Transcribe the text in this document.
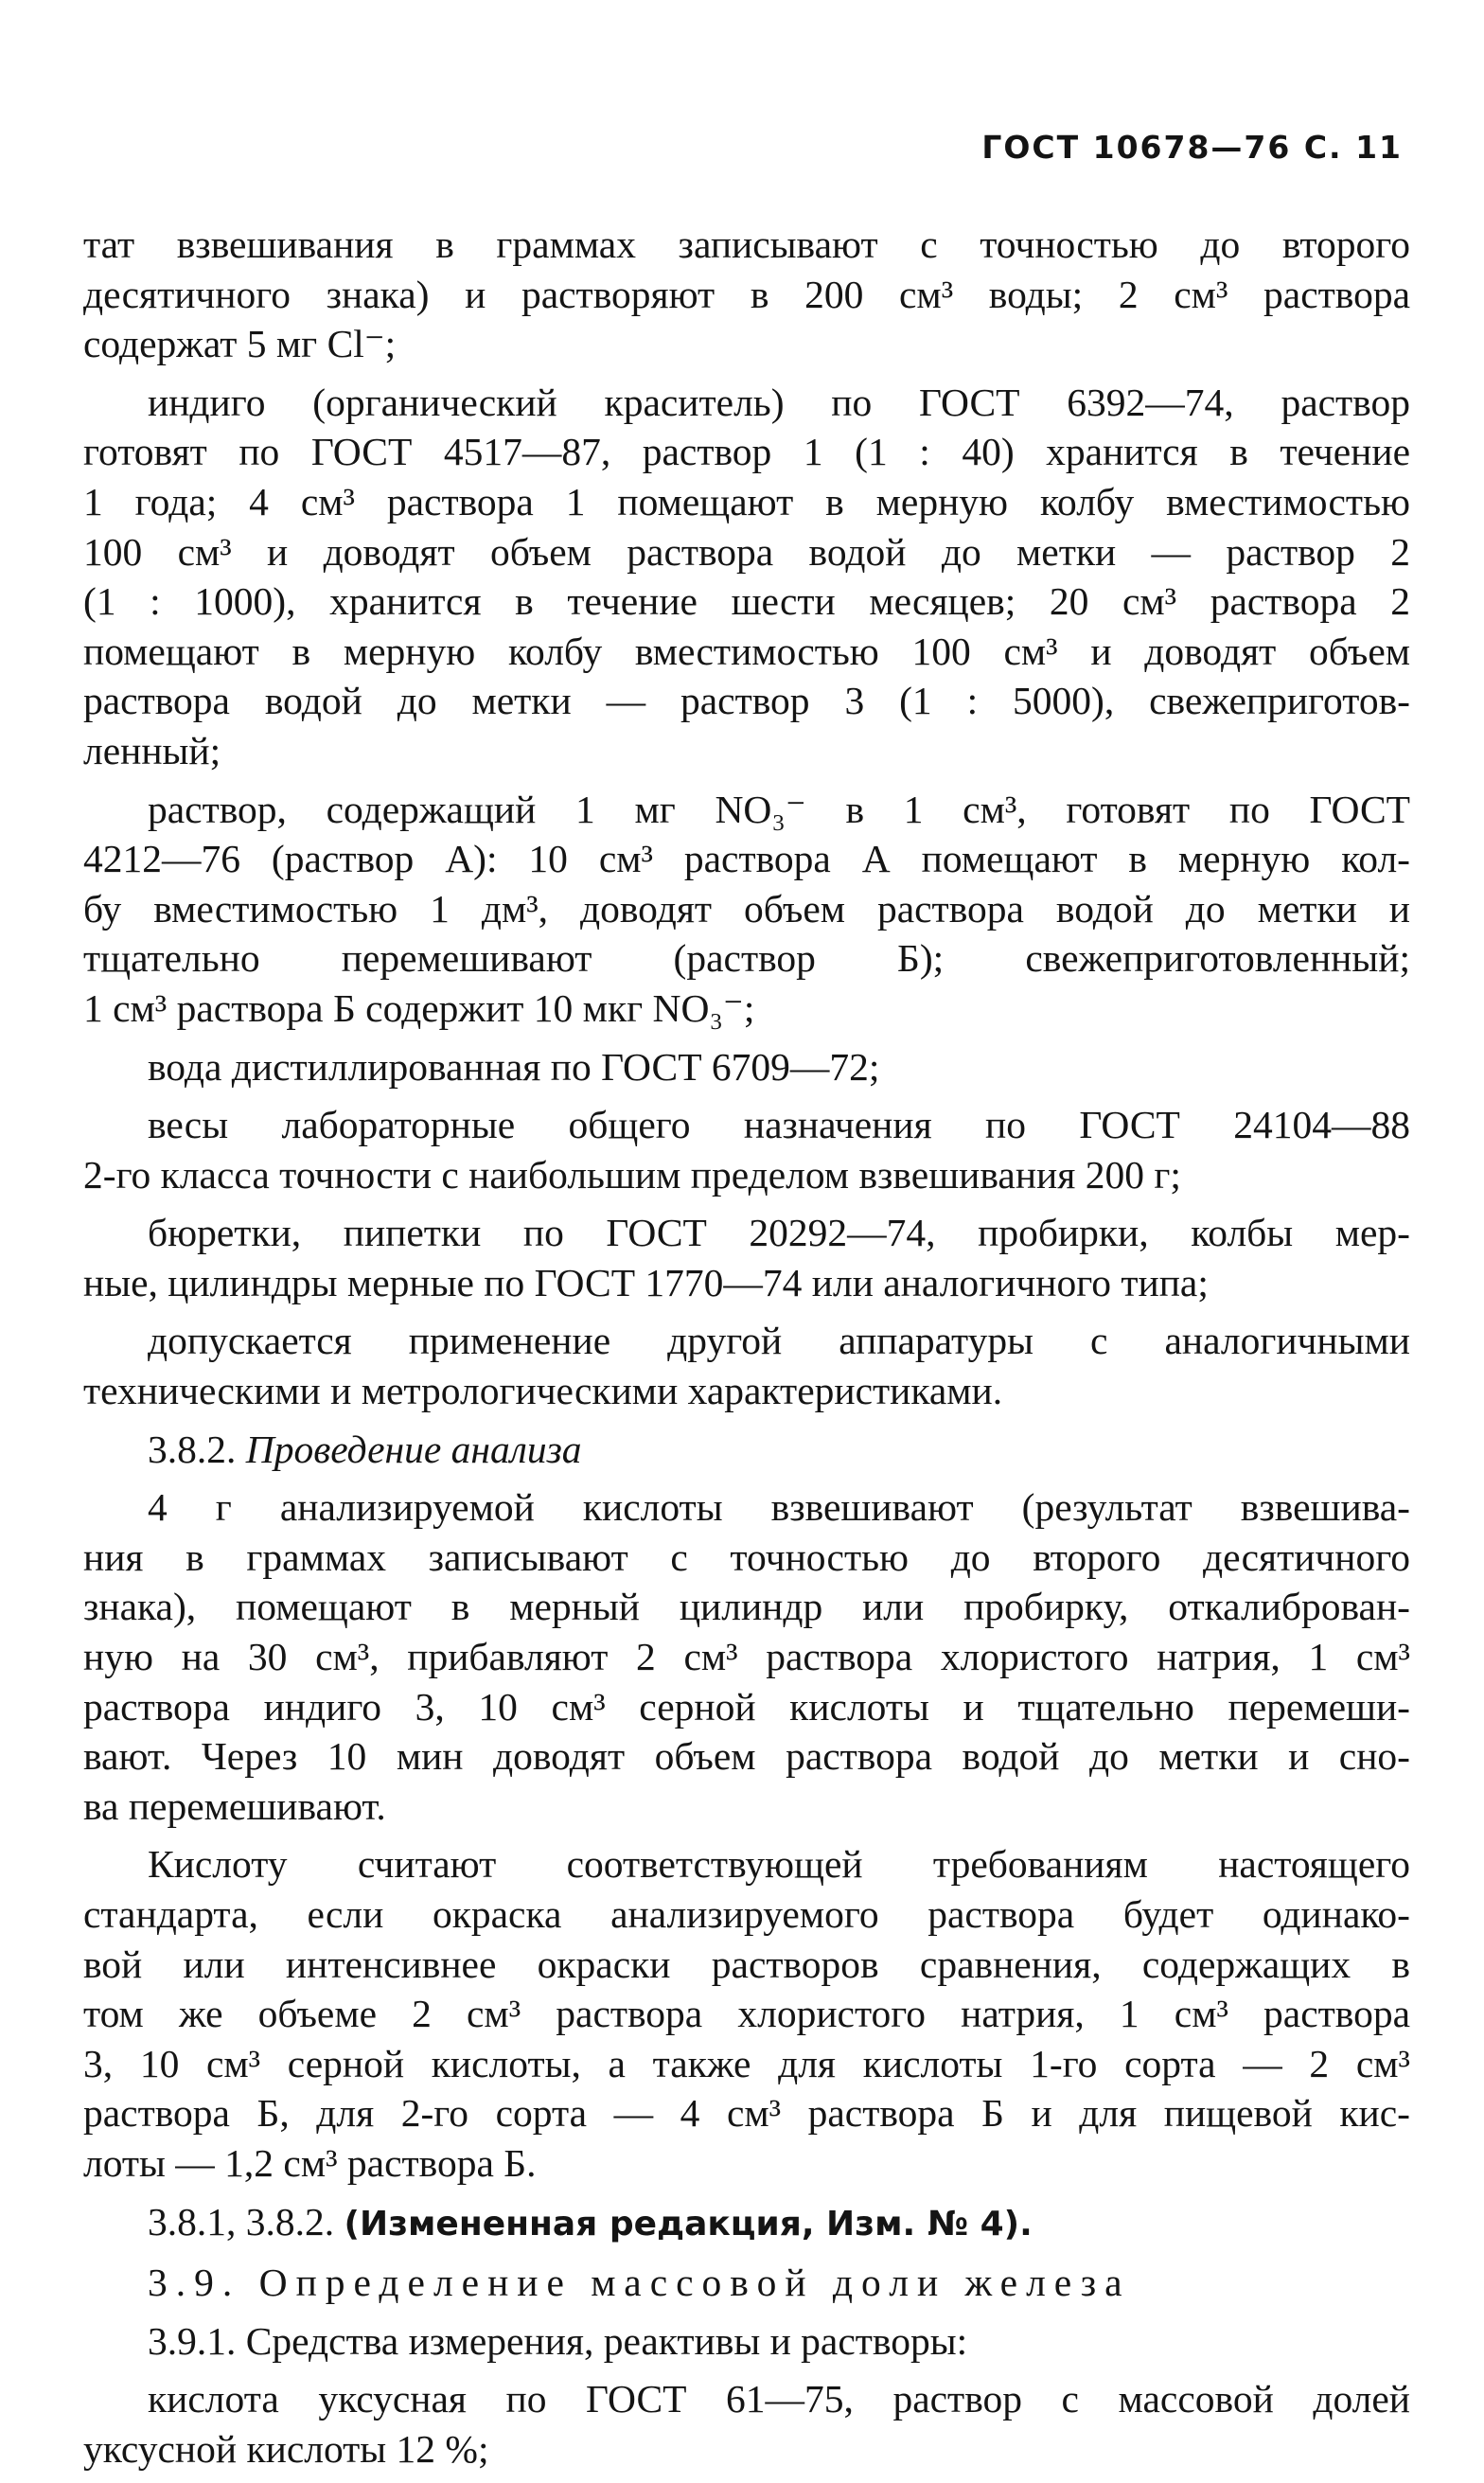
ГОСТ 10678—76 С. 11
тат взвешивания в граммах записывают с точностью до второго
десятичного знака) и растворяют в 200 см³ воды; 2 см³ раствора
содержат 5 мг Cl⁻;
индиго (органический краситель) по ГОСТ 6392—74, раствор
готовят по ГОСТ 4517—87, раствор 1 (1 : 40) хранится в течение
1 года; 4 см³ раствора 1 помещают в мерную колбу вместимостью
100 см³ и доводят объем раствора водой до метки — раствор 2
(1 : 1000), хранится в течение шести месяцев; 20 см³ раствора 2
помещают в мерную колбу вместимостью 100 см³ и доводят объем
раствора водой до метки — раствор 3 (1 : 5000), свежеприготов-
ленный;
раствор, содержащий 1 мг NO₃⁻ в 1 см³, готовят по ГОСТ
4212—76 (раствор А): 10 см³ раствора А помещают в мерную кол-
бу вместимостью 1 дм³, доводят объем раствора водой до метки и
тщательно перемешивают (раствор Б); свежеприготовленный;
1 см³ раствора Б содержит 10 мкг NO₃⁻;
вода дистиллированная по ГОСТ 6709—72;
весы лабораторные общего назначения по ГОСТ 24104—88
2-го класса точности с наибольшим пределом взвешивания 200 г;
бюретки, пипетки по ГОСТ 20292—74, пробирки, колбы мер-
ные, цилиндры мерные по ГОСТ 1770—74 или аналогичного типа;
допускается применение другой аппаратуры с аналогичными
техническими и метрологическими характеристиками.
3.8.2. Проведение анализа
4 г анализируемой кислоты взвешивают (результат взвешива-
ния в граммах записывают с точностью до второго десятичного
знака), помещают в мерный цилиндр или пробирку, откалиброван-
ную на 30 см³, прибавляют 2 см³ раствора хлористого натрия, 1 см³
раствора индиго 3, 10 см³ серной кислоты и тщательно перемеши-
вают. Через 10 мин доводят объем раствора водой до метки и сно-
ва перемешивают.
Кислоту считают соответствующей требованиям настоящего
стандарта, если окраска анализируемого раствора будет одинако-
вой или интенсивнее окраски растворов сравнения, содержащих в
том же объеме 2 см³ раствора хлористого натрия, 1 см³ раствора
3, 10 см³ серной кислоты, а также для кислоты 1-го сорта — 2 см³
раствора Б, для 2-го сорта — 4 см³ раствора Б и для пищевой кис-
лоты — 1,2 см³ раствора Б.
3.8.1, 3.8.2. (Измененная редакция, Изм. № 4).
3.9. Определение массовой доли железа
3.9.1. Средства измерения, реактивы и растворы:
кислота уксусная по ГОСТ 61—75, раствор с массовой долей
уксусной кислоты 12 %;
